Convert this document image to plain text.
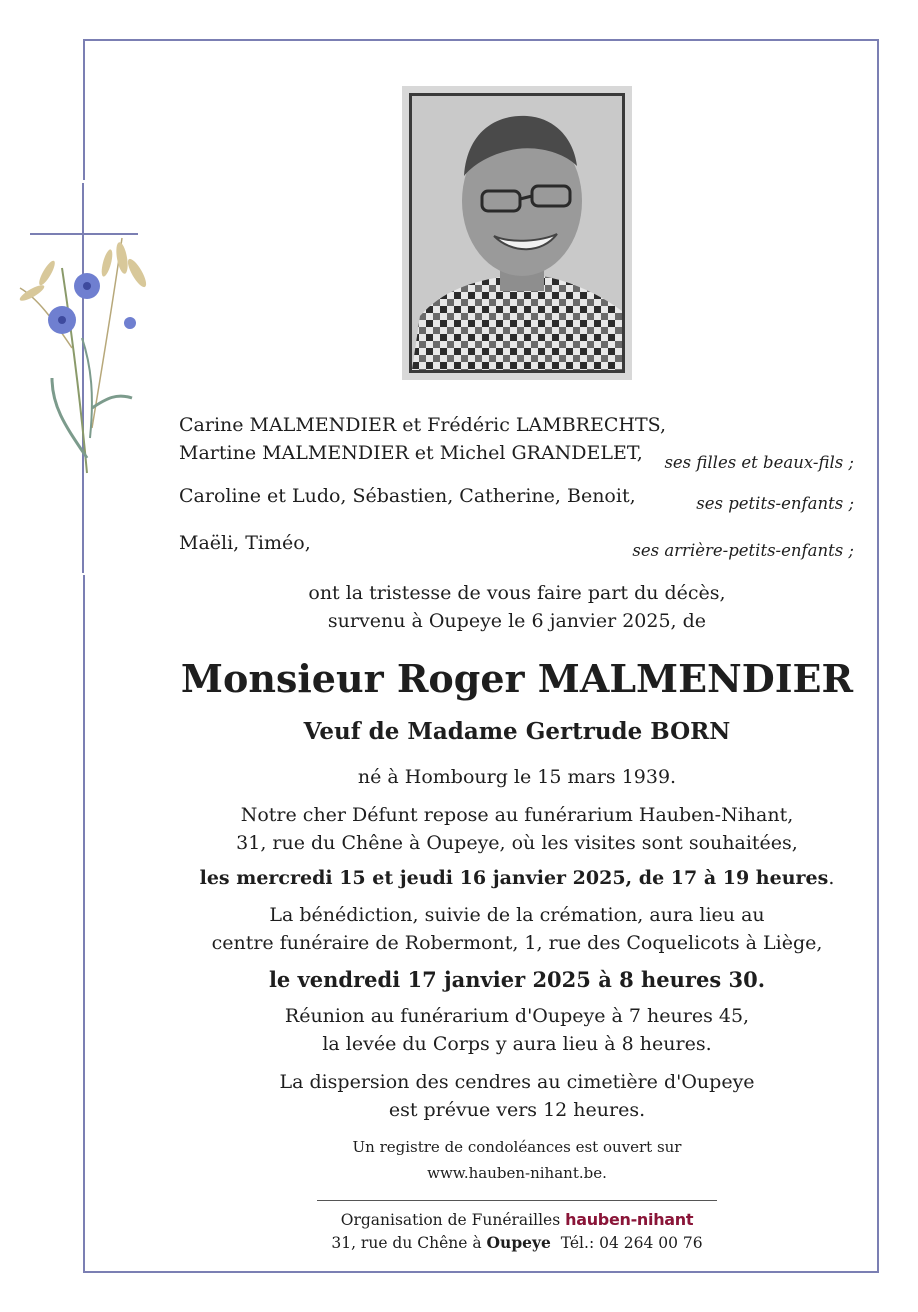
Carine MALMENDIER et Frédéric LAMBRECHTS,
Martine MALMENDIER et Michel GRANDELET, ses filles et beaux-fils ;
Caroline et Ludo, Sébastien, Catherine, Benoit,	ses petits-enfants ;
Maëli, Timéo,	ses arrière-petits-enfants ;
ont la tristesse de vous faire part du décès,
survenu à Oupeye le 6 janvier 2025, de
Monsieur Roger MALMENDIER
Veuf de Madame Gertrude BORN
né à Hombourg le 15 mars 1939.
Notre cher Défunt repose au funérarium Hauben-Nihant,
31, rue du Chêne à Oupeye, où les visites sont souhaitées,
les mercredi 15 et jeudi 16 janvier 2025, de 17 à 19 heures.
La bénédiction, suivie de la crémation, aura lieu au
centre funéraire de Robermont, 1, rue des Coquelicots à Liège,
le vendredi 17 janvier 2025 à 8 heures 30.
Réunion au funérarium d'Oupeye à 7 heures 45,
la levée du Corps y aura lieu à 8 heures.
La dispersion des cendres au cimetière d'Oupeye
est prévue vers 12 heures.
Un registre de condoléances est ouvert sur
www.hauben-nihant.be.
Organisation de Funérailles hauben-nihant
31, rue du Chêne à Oupeye Tél.: 04 264 00 76
